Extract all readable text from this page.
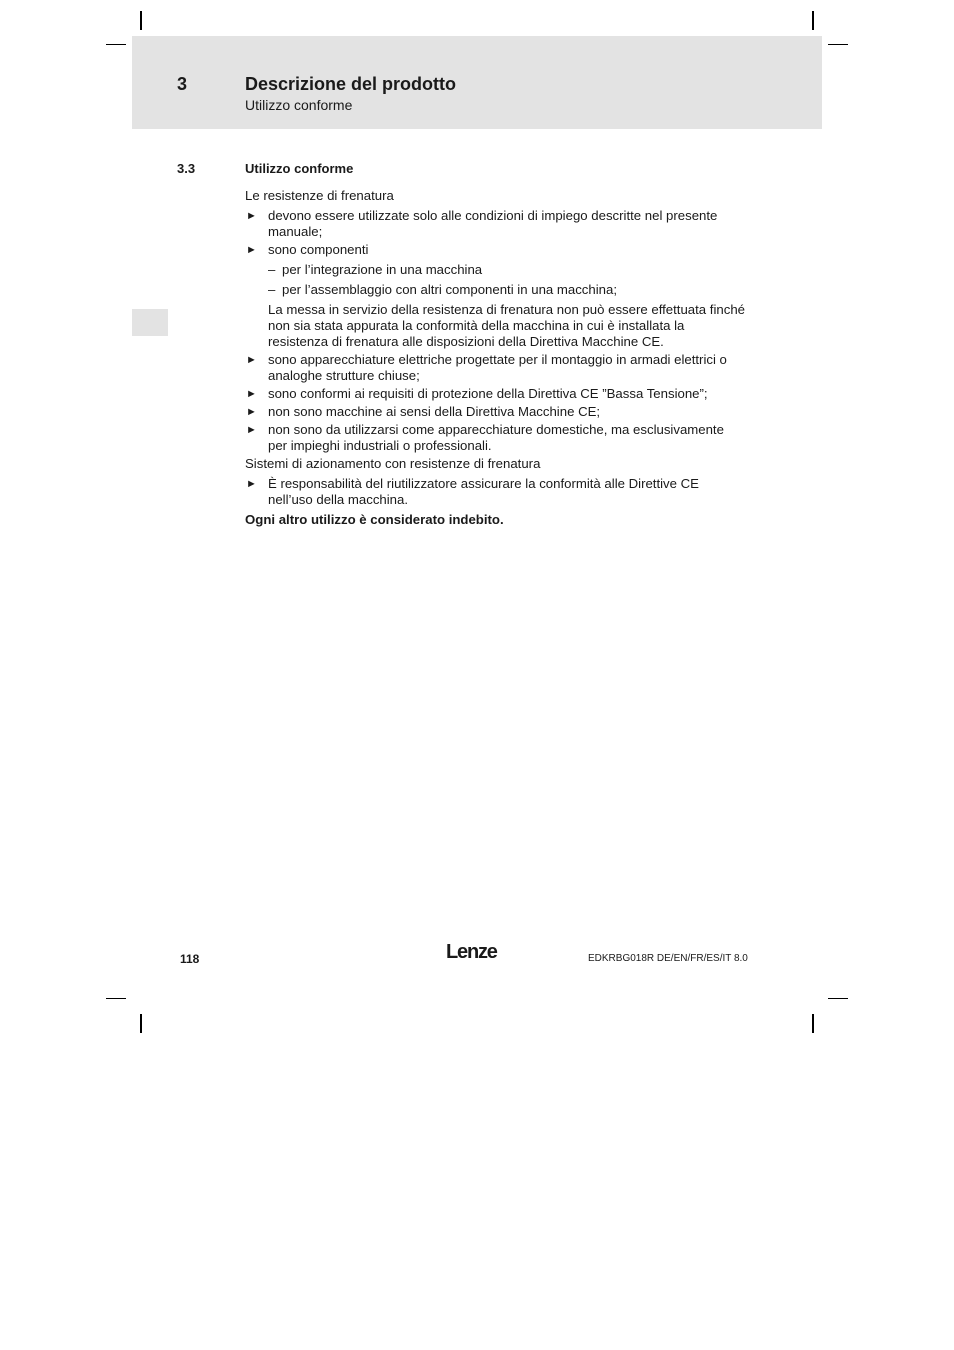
3	Descrizione del prodotto
Utilizzo conforme
3.3	Utilizzo conforme

Le resistenze di frenatura

► devono essere utilizzate solo alle condizioni di impiego descritte nel presente manuale;
► sono componenti
– per l’integrazione in una macchina
– per l’assemblaggio con altri componenti in una macchina;

La messa in servizio della resistenza di frenatura non può essere effettuata finché non sia stata appurata la conformità della macchina in cui è installata la resistenza di frenatura alle disposizioni della Direttiva Macchine CE.

► sono apparecchiature elettriche progettate per il montaggio in armadi elettrici o analoghe strutture chiuse;
► sono conformi ai requisiti di protezione della Direttiva CE ”Bassa Tensione”;
► non sono macchine ai sensi della Direttiva Macchine CE;
► non sono da utilizzarsi come apparecchiature domestiche, ma esclusivamente per impieghi industriali o professionali.

Sistemi di azionamento con resistenze di frenatura

► È responsabilità del riutilizzatore assicurare la conformità alle Direttive CE nell’uso della macchina.

Ogni altro utilizzo è considerato indebito.

118	Lenze	EDKRBG018R DE/EN/FR/ES/IT 8.0
